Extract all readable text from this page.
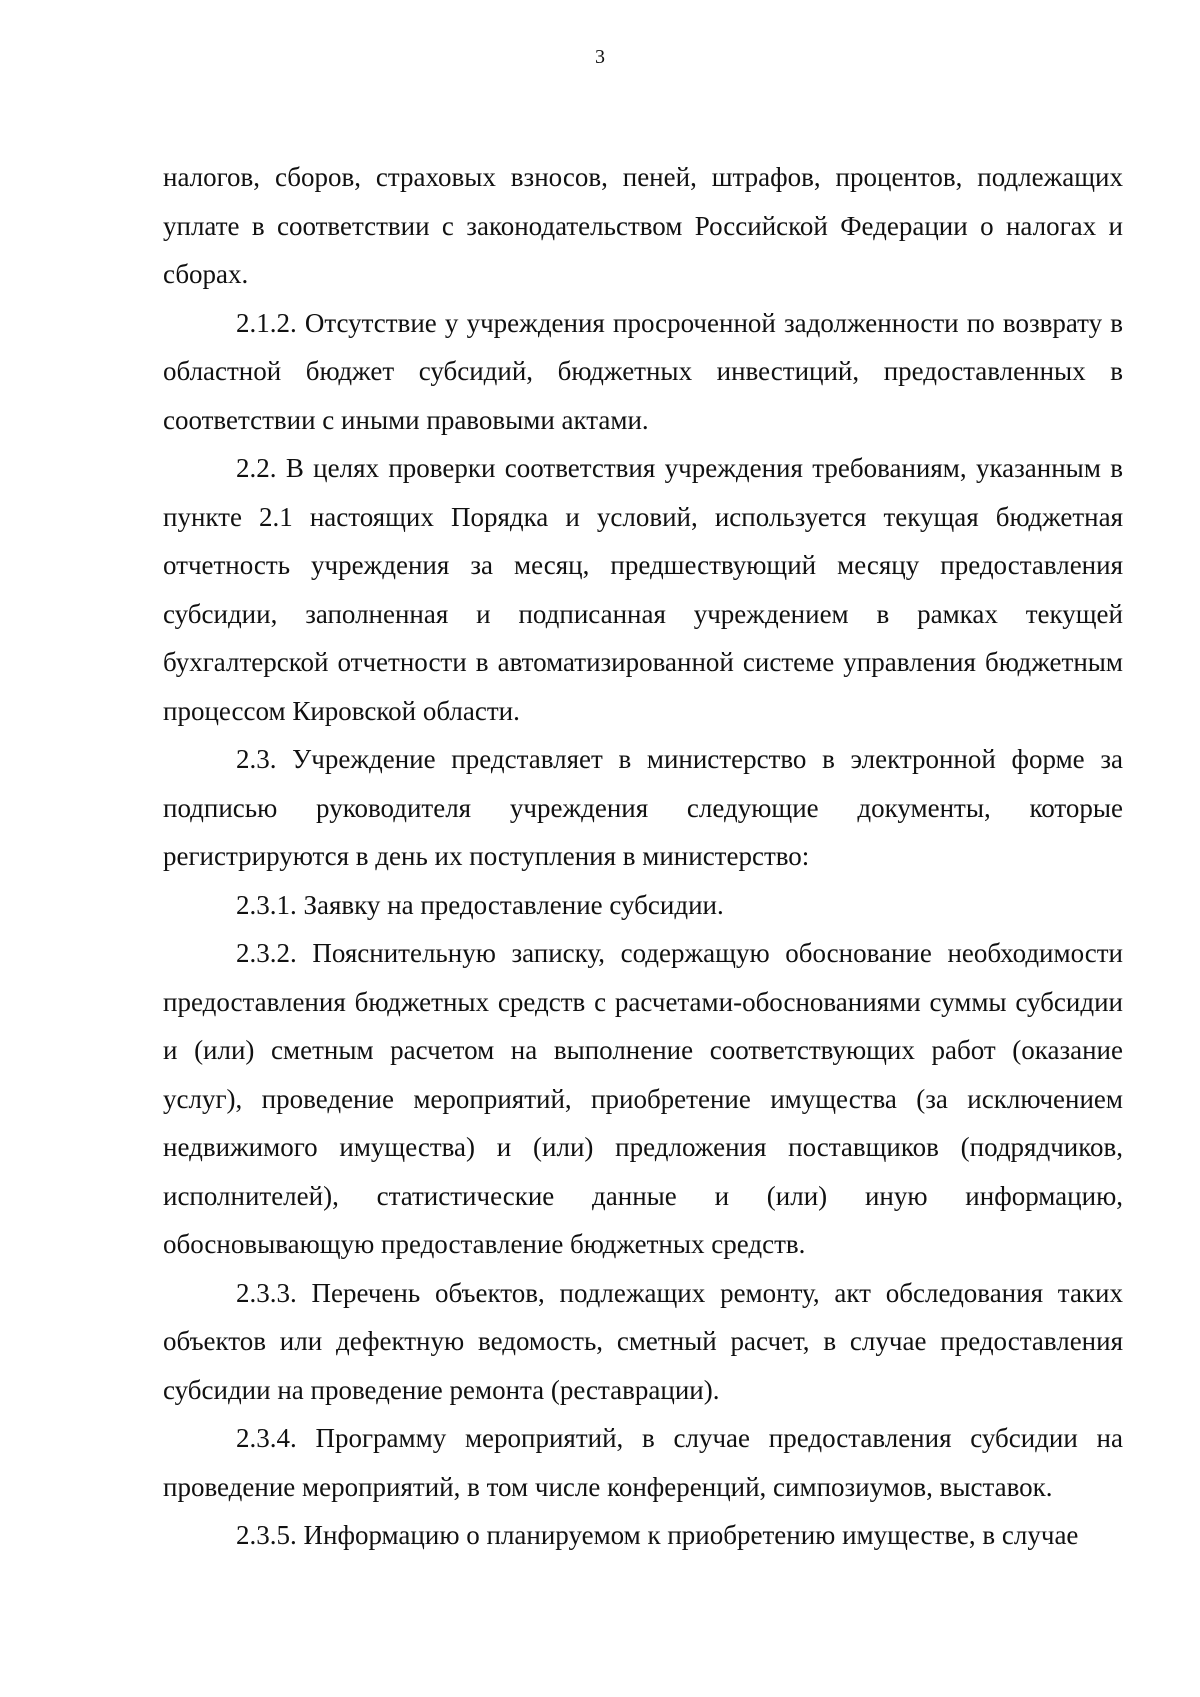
3

налогов, сборов, страховых взносов, пеней, штрафов, процентов, подлежащих уплате в соответствии с законодательством Российской Федерации о налогах и сборах.

2.1.2. Отсутствие у учреждения просроченной задолженности по возврату в областной бюджет субсидий, бюджетных инвестиций, предоставленных в соответствии с иными правовыми актами.

2.2. В целях проверки соответствия учреждения требованиям, указанным в пункте 2.1 настоящих Порядка и условий, используется текущая бюджетная отчетность учреждения за месяц, предшествующий месяцу предоставления субсидии, заполненная и подписанная учреждением в рамках текущей бухгалтерской отчетности в автоматизированной системе управления бюджетным процессом Кировской области.

2.3. Учреждение представляет в министерство в электронной форме за подписью руководителя учреждения следующие документы, которые регистрируются в день их поступления в министерство:

2.3.1. Заявку на предоставление субсидии.

2.3.2. Пояснительную записку, содержащую обоснование необходимости предоставления бюджетных средств с расчетами-обоснованиями суммы субсидии и (или) сметным расчетом на выполнение соответствующих работ (оказание услуг), проведение мероприятий, приобретение имущества (за исключением недвижимого имущества) и (или) предложения поставщиков (подрядчиков, исполнителей), статистические данные и (или) иную информацию, обосновывающую предоставление бюджетных средств.

2.3.3. Перечень объектов, подлежащих ремонту, акт обследования таких объектов или дефектную ведомость, сметный расчет, в случае предоставления субсидии на проведение ремонта (реставрации).

2.3.4. Программу мероприятий, в случае предоставления субсидии на проведение мероприятий, в том числе конференций, симпозиумов, выставок.

2.3.5. Информацию о планируемом к приобретению имуществе, в случае
